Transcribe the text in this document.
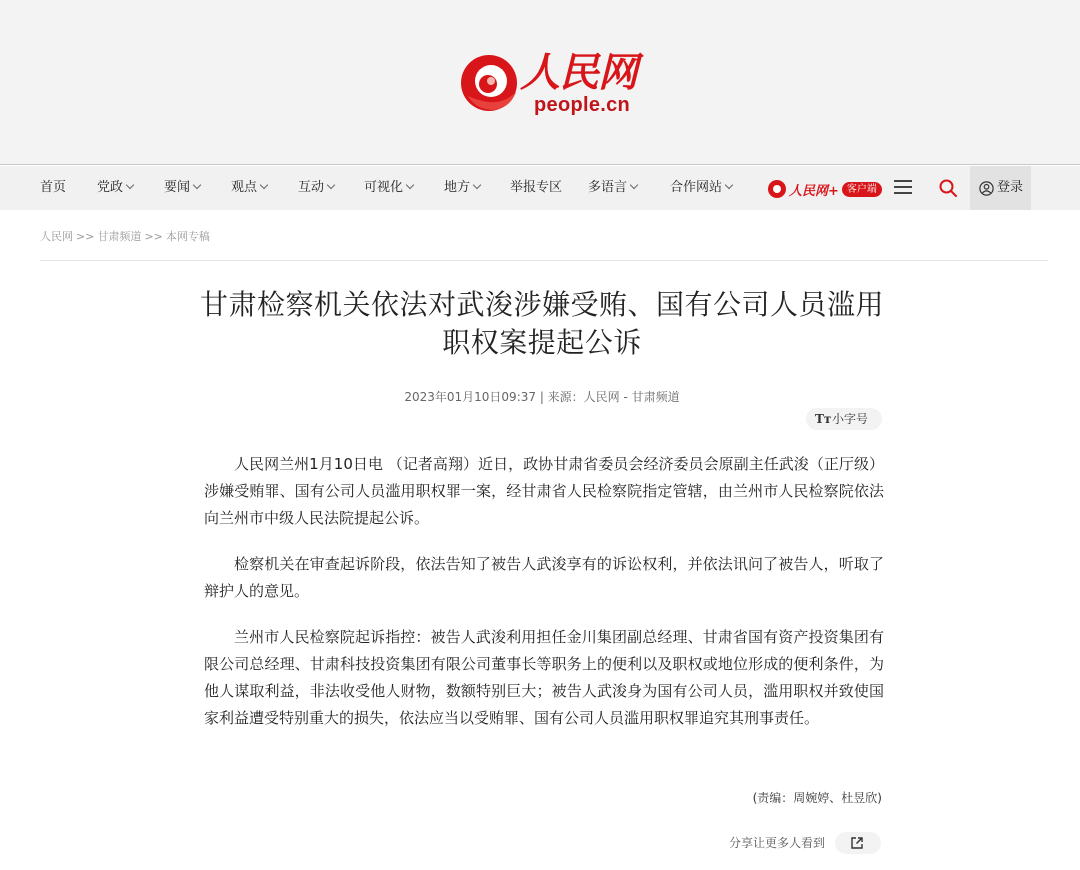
人民网
people.cn
首页 党政	要闻	观点	互动	可视化	地方	举报专区 多语言	合作网站	人民网+ 客户端	登录
人民网 >> 甘肃频道 >> 本网专稿
甘肃检察机关依法对武浚涉嫌受贿、国有公司人员滥用职权案提起公诉
2023年01月10日09:37 | 来源：人民网 - 甘肃频道
Tт 小字号

人民网兰州1月10日电 （记者高翔）近日，政协甘肃省委员会经济委员会原副主任武浚（正厅级）涉嫌受贿罪、国有公司人员滥用职权罪一案，经甘肃省人民检察院指定管辖，由兰州市人民检察院依法向兰州市中级人民法院提起公诉。

检察机关在审查起诉阶段，依法告知了被告人武浚享有的诉讼权利，并依法讯问了被告人，听取了辩护人的意见。

兰州市人民检察院起诉指控：被告人武浚利用担任金川集团副总经理、甘肃省国有资产投资集团有限公司总经理、甘肃科技投资集团有限公司董事长等职务上的便利以及职权或地位形成的便利条件，为他人谋取利益，非法收受他人财物，数额特别巨大；被告人武浚身为国有公司人员，滥用职权并致使国家利益遭受特别重大的损失，依法应当以受贿罪、国有公司人员滥用职权罪追究其刑事责任。

(责编：周婉婷、杜昱欣)
分享让更多人看到
